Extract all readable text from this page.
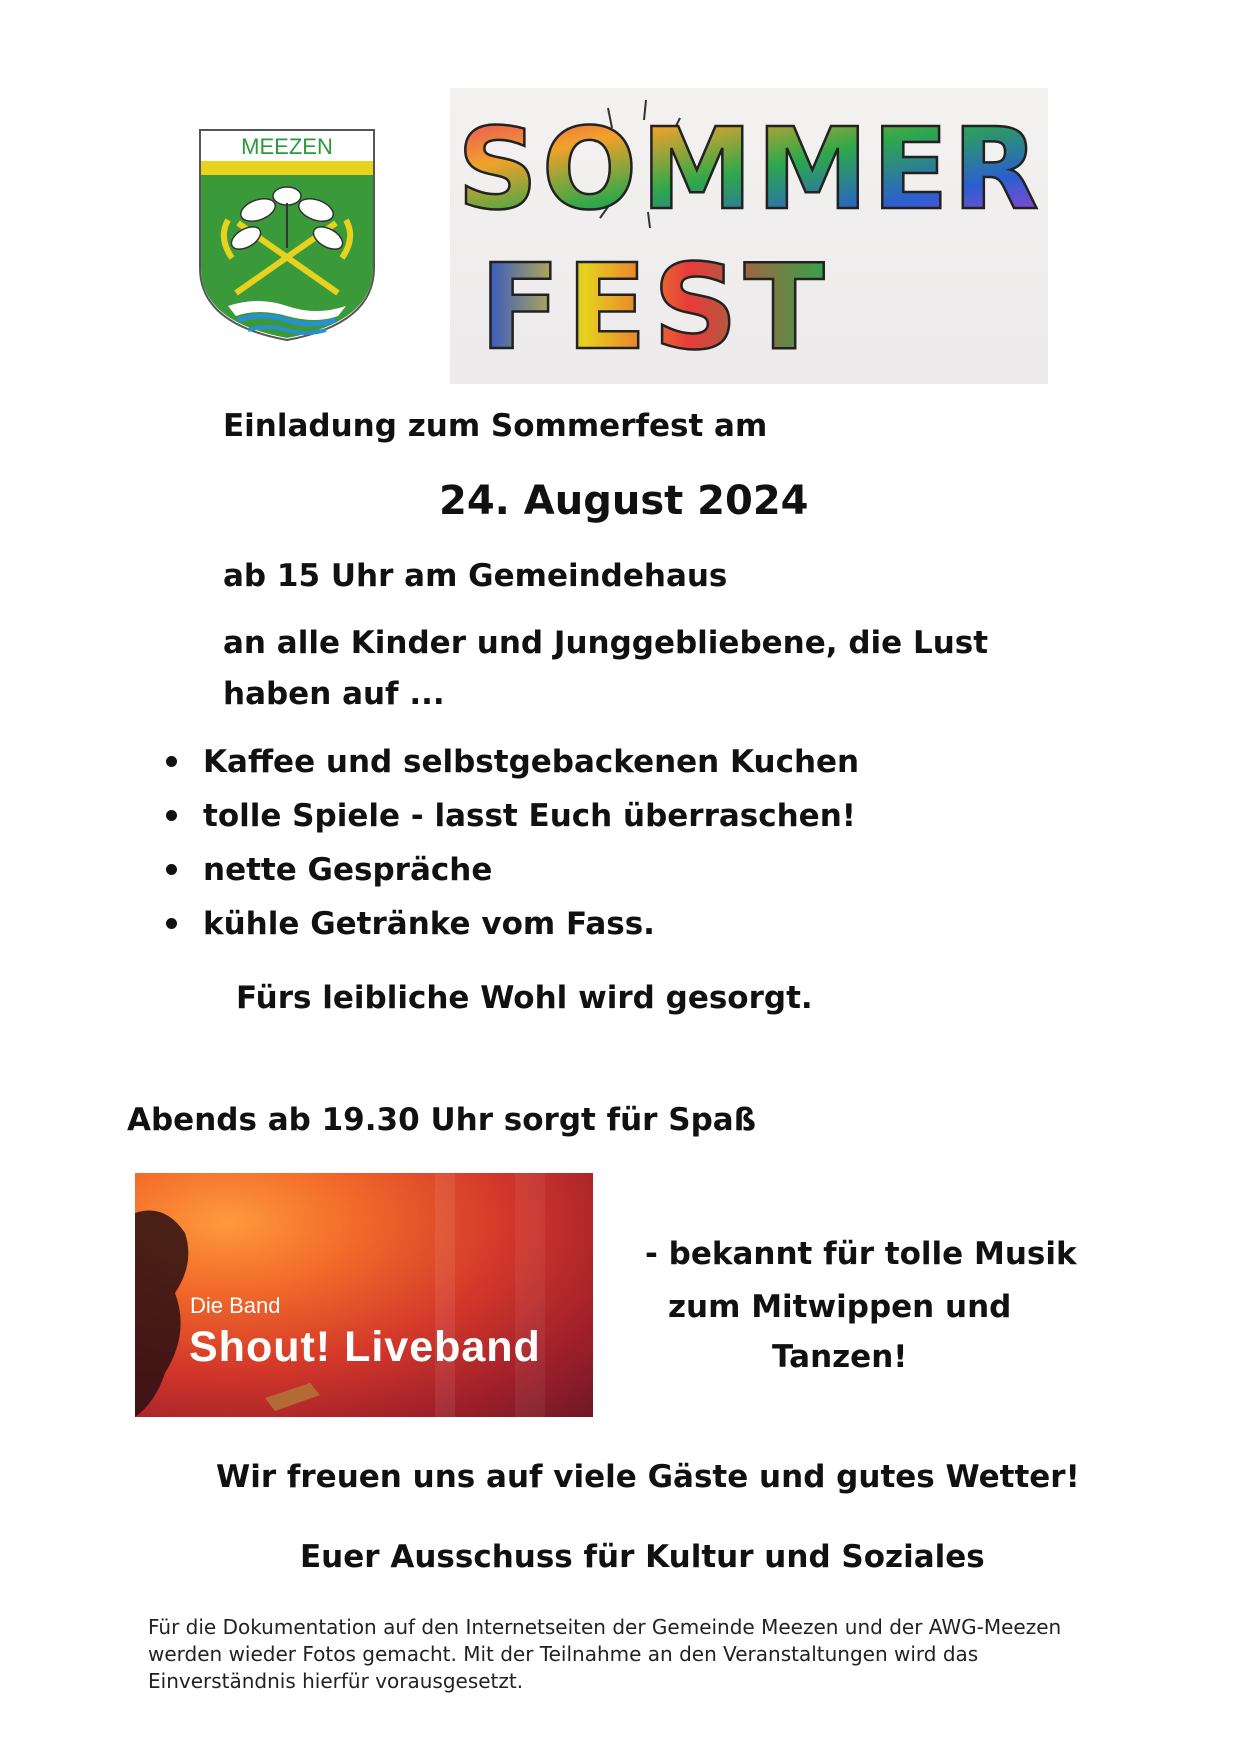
MEEZEN SOMMER
FEST
Einladung zum Sommerfest am
24. August 2024
ab 15 Uhr am Gemeindehaus
an alle Kinder und Junggebliebene, die Lust
haben auf ...
Kaffee und selbstgebackenen Kuchen
tolle Spiele - lasst Euch überraschen!
nette Gespräche
kühle Getränke vom Fass.
Fürs leibliche Wohl wird gesorgt.
Abends ab 19.30 Uhr sorgt für Spaß
Die Band
Shout! Liveband
- bekannt für tolle Musik
zum Mitwippen und
Tanzen!
Wir freuen uns auf viele Gäste und gutes Wetter!
Euer Ausschuss für Kultur und Soziales
Für die Dokumentation auf den Internetseiten der Gemeinde Meezen und der AWG-Meezen
werden wieder Fotos gemacht. Mit der Teilnahme an den Veranstaltungen wird das
Einverständnis hierfür vorausgesetzt.
